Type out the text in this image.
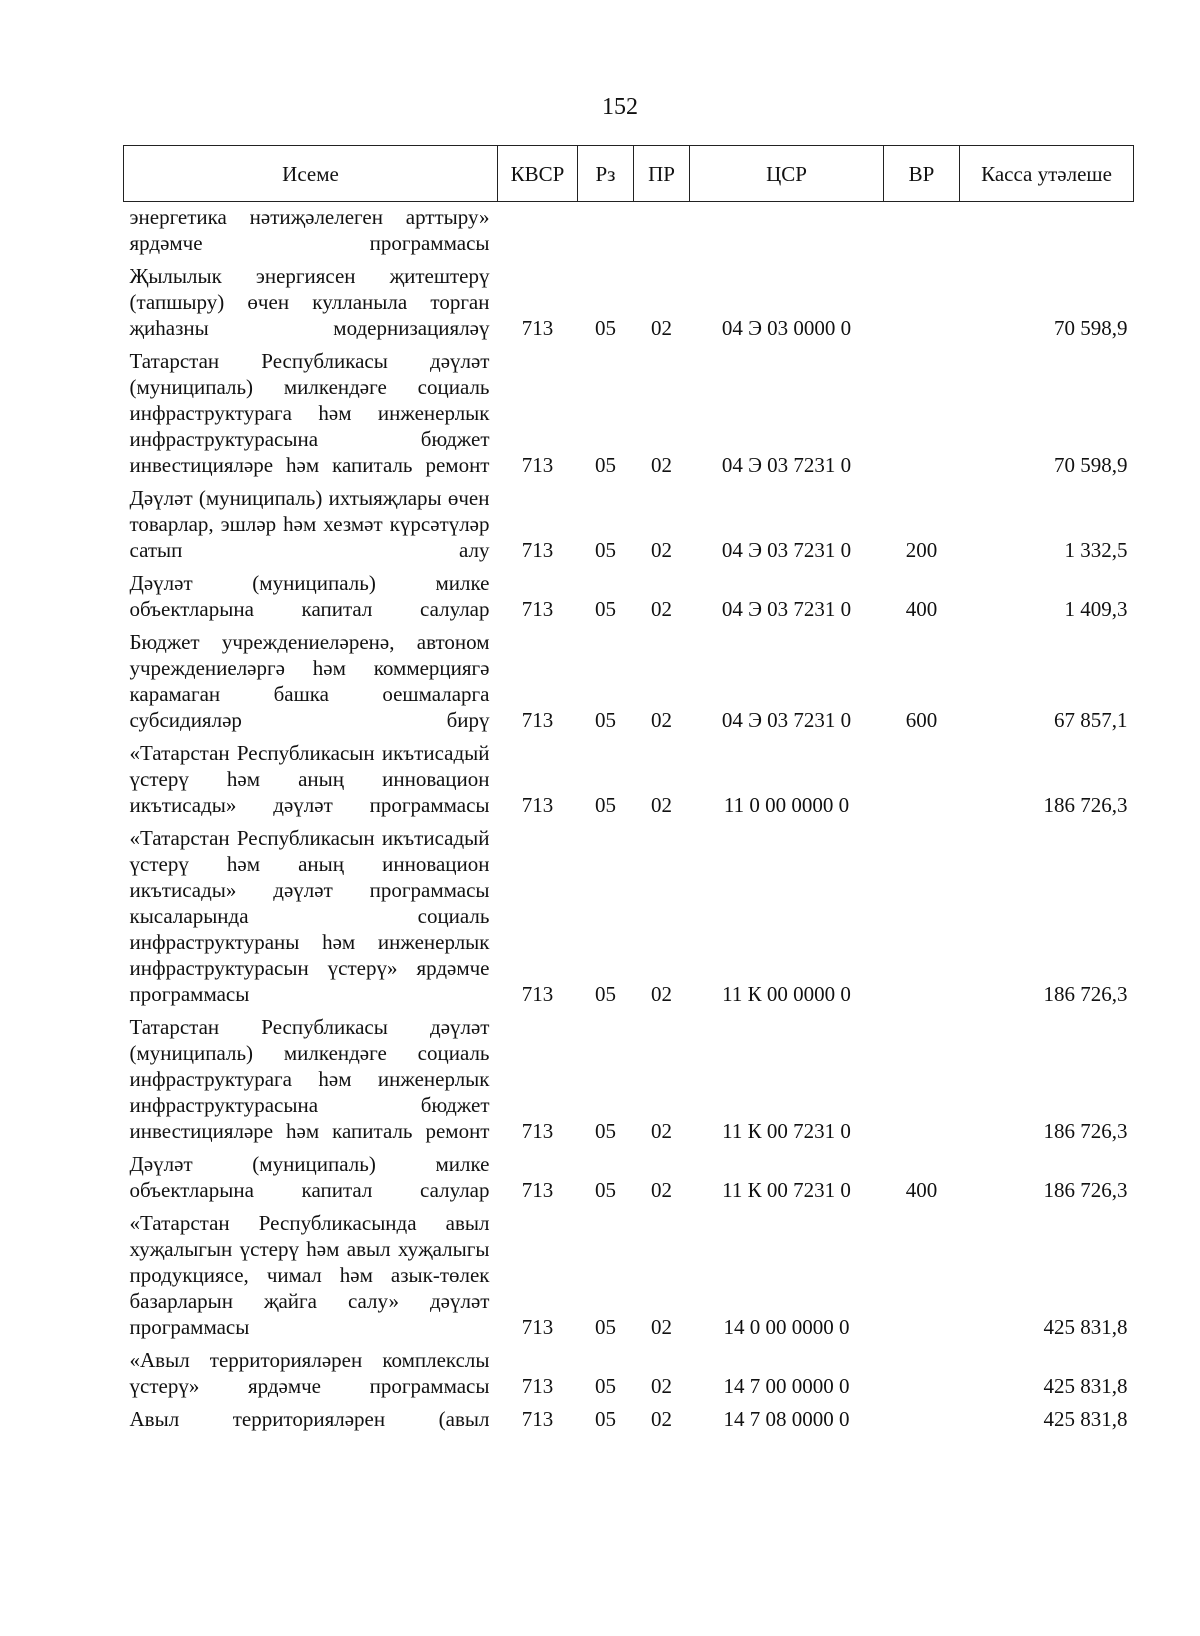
152
Исеме	КВСР	Рз	ПР	ЦСР	ВР	Касса утәлеше
энергетика нәтиҗәлелеген арттыру» ярдәмче программасы						
Җылылык энергиясен җитештерү (тапшыру) өчен кулланыла торган җиһазны модернизацияләү	713	05	02	04 Э 03 0000 0		70 598,9
Татарстан Республикасы дәүләт (муниципаль) милкендәге социаль инфраструктурага һәм инженерлык инфраструктурасына бюджет инвестицияләре һәм капиталь ремонт	713	05	02	04 Э 03 7231 0		70 598,9
Дәүләт (муниципаль) ихтыяҗлары өчен товарлар, эшләр һәм хезмәт күрсәтүләр сатып алу	713	05	02	04 Э 03 7231 0	200	1 332,5
Дәүләт (муниципаль) милке объектларына капитал салулар	713	05	02	04 Э 03 7231 0	400	1 409,3
Бюджет учреждениеләренә, автоном учреждениеләргә һәм коммерциягә карамаган башка оешмаларга субсидияләр бирү	713	05	02	04 Э 03 7231 0	600	67 857,1
«Татарстан Республикасын икътисадый үстерү һәм аның инновацион икътисады» дәүләт программасы	713	05	02	11 0 00 0000 0		186 726,3
«Татарстан Республикасын икътисадый үстерү һәм аның инновацион икътисады» дәүләт программасы кысаларында социаль инфраструктураны һәм инженерлык инфраструктурасын үстерү» ярдәмче программасы	713	05	02	11 К 00 0000 0		186 726,3
Татарстан Республикасы дәүләт (муниципаль) милкендәге социаль инфраструктурага һәм инженерлык инфраструктурасына бюджет инвестицияләре һәм капиталь ремонт	713	05	02	11 К 00 7231 0		186 726,3
Дәүләт (муниципаль) милке объектларына капитал салулар	713	05	02	11 К 00 7231 0	400	186 726,3
«Татарстан Республикасында авыл хуҗалыгын үстерү һәм авыл хуҗалыгы продукциясе, чимал һәм азык-төлек базарларын җайга салу» дәүләт программасы	713	05	02	14 0 00 0000 0		425 831,8
«Авыл территорияләрен комплекслы үстерү» ярдәмче программасы	713	05	02	14 7 00 0000 0		425 831,8
Авыл территорияләрен (авыл	713	05	02	14 7 08 0000 0		425 831,8
